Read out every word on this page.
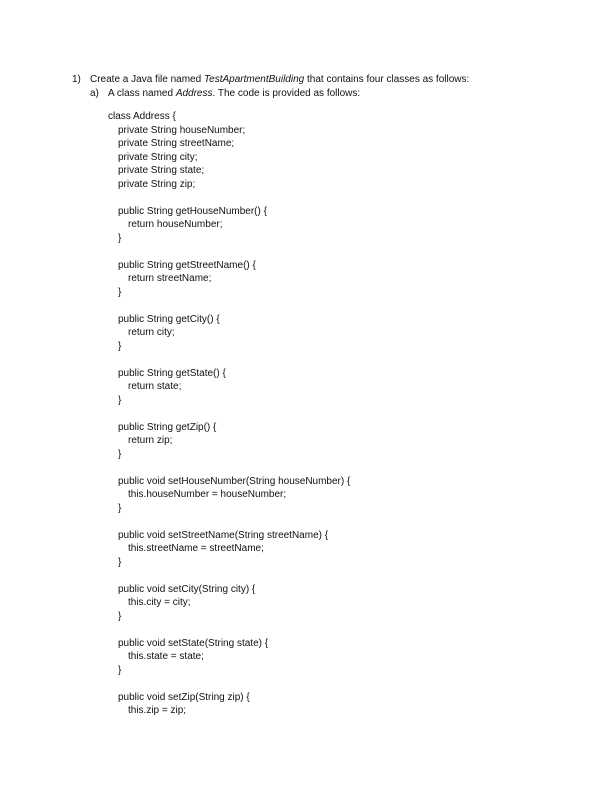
1) Create a Java file named TestApartmentBuilding that contains four classes as follows:
a) A class named Address. The code is provided as follows:
class Address {
private String houseNumber;
private String streetName;
private String city;
private String state;
private String zip;
public String getHouseNumber() {
return houseNumber;
}
public String getStreetName() {
return streetName;
}
public String getCity() {
return city;
}
public String getState() {
return state;
}
public String getZip() {
return zip;
}
public void setHouseNumber(String houseNumber) {
this.houseNumber = houseNumber;
}
public void setStreetName(String streetName) {
this.streetName = streetName;
}
public void setCity(String city) {
this.city = city;
}
public void setState(String state) {
this.state = state;
}
public void setZip(String zip) {
this.zip = zip;
